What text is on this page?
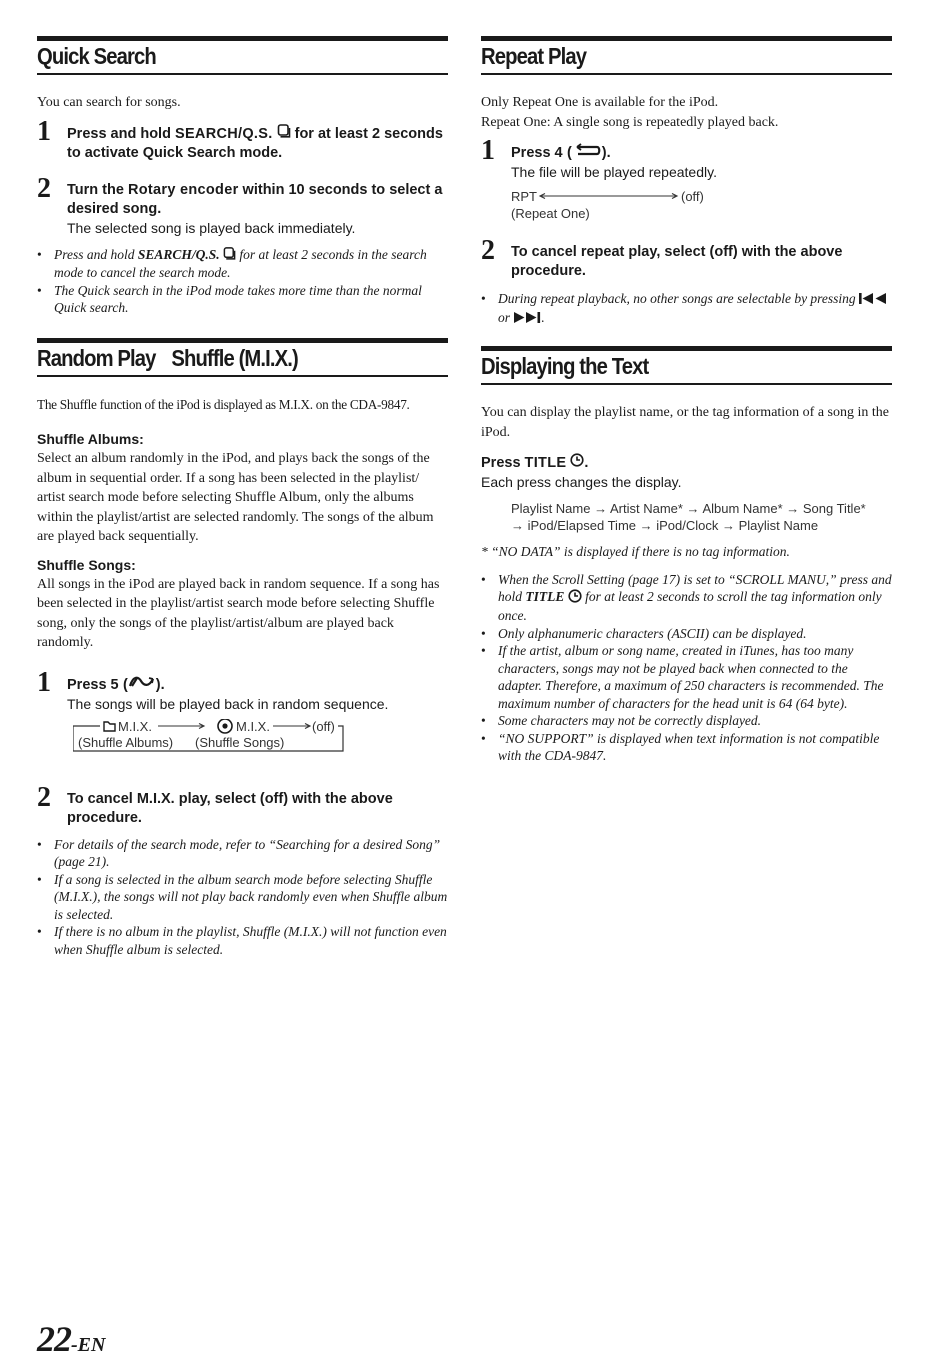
Quick Search

You can search for songs.

1 Press and hold SEARCH/Q.S.  for at least 2 seconds to activate Quick Search mode.
2 Turn the Rotary encoder within 10 seconds to select a desired song.
The selected song is played back immediately.
• Press and hold SEARCH/Q.S.  for at least 2 seconds in the search mode to cancel the search mode.
• The Quick search in the iPod mode takes more time than the normal Quick search.
Random Play Shuffle (M.I.X.)

The Shuffle function of the iPod is displayed as M.I.X. on the CDA-9847.

Shuffle Albums:

Select an album randomly in the iPod, and plays back the songs of the album in sequential order. If a song has been selected in the playlist/ artist search mode before selecting Shuffle Album, only the albums within the playlist/artist are selected randomly. The songs of the album are played back sequentially.

Shuffle Songs:

All songs in the iPod are played back in random sequence. If a song has been selected in the playlist/artist search mode before selecting Shuffle song, only the songs of the playlist/artist/album are played back randomly.

1 Press 5 ( ).
The songs will be played back in random sequence.
M.I.X.	M.I.X.	(off)
(Shuffle Albums) (Shuffle Songs)
2 To cancel M.I.X. play, select (off) with the above procedure.
• For details of the search mode, refer to “Searching for a desired Song” (page 21).
• If a song is selected in the album search mode before selecting Shuffle (M.I.X.), the songs will not play back randomly even when Shuffle album is selected.
• If there is no album in the playlist, Shuffle (M.I.X.) will not function even when Shuffle album is selected.
Repeat Play

Only Repeat One is available for the iPod.

Repeat One: A single song is repeatedly played back.

1 Press 4 ( ).
The file will be played repeatedly.
RPT	(off)
(Repeat One)
2 To cancel repeat play, select (off) with the above procedure.
• During repeat playback, no other songs are selectable by pressing  or .
Displaying the Text

You can display the playlist name, or the tag information of a song in the iPod.

Press TITLE .
Each press changes the display.
Playlist Name → Artist Name* → Album Name* → Song Title*
→ iPod/Elapsed Time → iPod/Clock → Playlist Name

* “NO DATA” is displayed if there is no tag information.

• When the Scroll Setting (page 17) is set to “SCROLL MANU,” press and hold TITLE  for at least 2 seconds to scroll the tag information only once.
• Only alphanumeric characters (ASCII) can be displayed.
• If the artist, album or song name, created in iTunes, has too many characters, songs may not be played back when connected to the adapter. Therefore, a maximum of 250 characters is recommended. The maximum number of characters for the head unit is 64 (64 byte).
• Some characters may not be correctly displayed.
• “NO SUPPORT” is displayed when text information is not compatible with the CDA-9847.
22-EN
